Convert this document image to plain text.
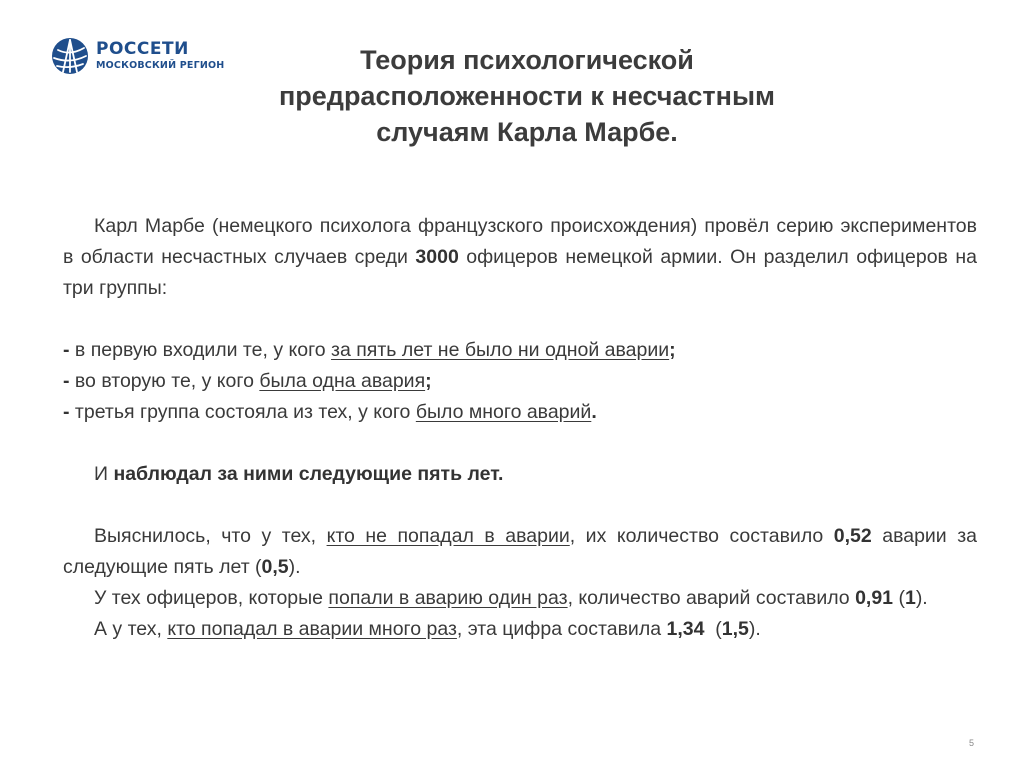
РОССЕТИ
МОСКОВСКИЙ РЕГИОН	Теория психологической предрасположенности к несчастным случаям Карла Марбе.

Карл Марбе (немецкого психолога французского происхождения) провёл серию экспериментов в области несчастных случаев среди 3000 офицеров немецкой армии. Он разделил офицеров на три группы:

- в первую входили те, у кого за пять лет не было ни одной аварии;

- во вторую те, у кого была одна авария;

- третья группа состояла из тех, у кого было много аварий.

И наблюдал за ними следующие пять лет.

Выяснилось, что у тех, кто не попадал в аварии, их количество составило 0,52 аварии за следующие пять лет (0,5).

У тех офицеров, которые попали в аварию один раз, количество аварий составило 0,91 (1).

А у тех, кто попадал в аварии много раз, эта цифра составила 1,34  (1,5).

5
